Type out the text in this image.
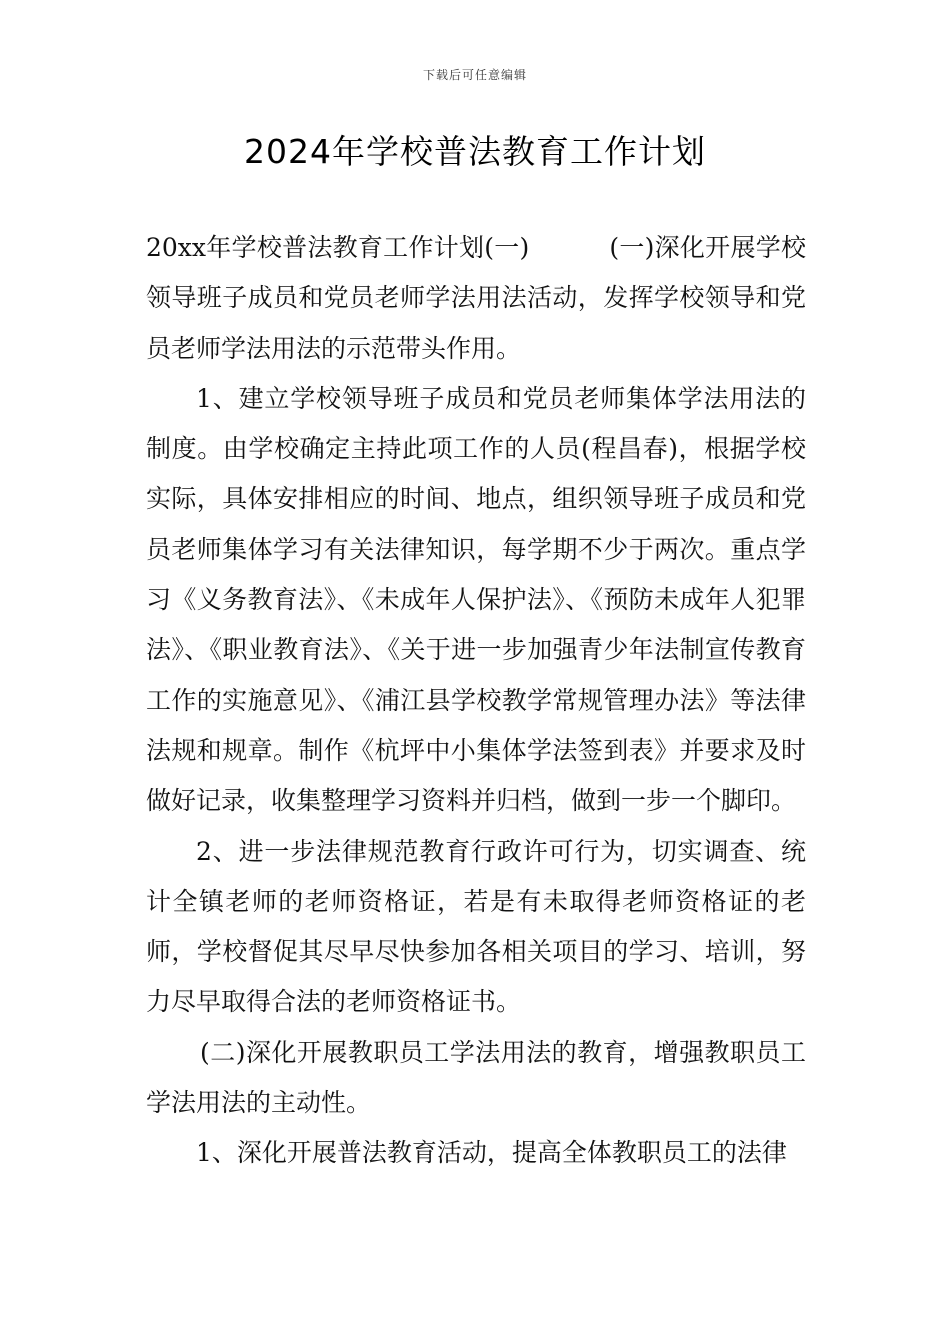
下载后可任意编辑
2024年学校普法教育工作计划

20xx年学校普法教育工作计划(一)	(一)深化开展学校领导班子成员和党员老师学法用法活动，发挥学校领导和党员老师学法用法的示范带头作用。

1、建立学校领导班子成员和党员老师集体学法用法的制度。由学校确定主持此项工作的人员(程昌春)，根据学校实际，具体安排相应的时间、地点，组织领导班子成员和党员老师集体学习有关法律知识，每学期不少于两次。重点学习《义务教育法》、《未成年人保护法》、《预防未成年人犯罪法》、《职业教育法》、《关于进一步加强青少年法制宣传教育工作的实施意见》、《浦江县学校教学常规管理办法》等法律法规和规章。制作《杭坪中小集体学法签到表》并要求及时做好记录，收集整理学习资料并归档，做到一步一个脚印。

2、进一步法律规范教育行政许可行为，切实调查、统计全镇老师的老师资格证，若是有未取得老师资格证的老师，学校督促其尽早尽快参加各相关项目的学习、培训，努力尽早取得合法的老师资格证书。

(二)深化开展教职员工学法用法的教育，增强教职员工学法用法的主动性。

1、深化开展普法教育活动，提高全体教职员工的法律
